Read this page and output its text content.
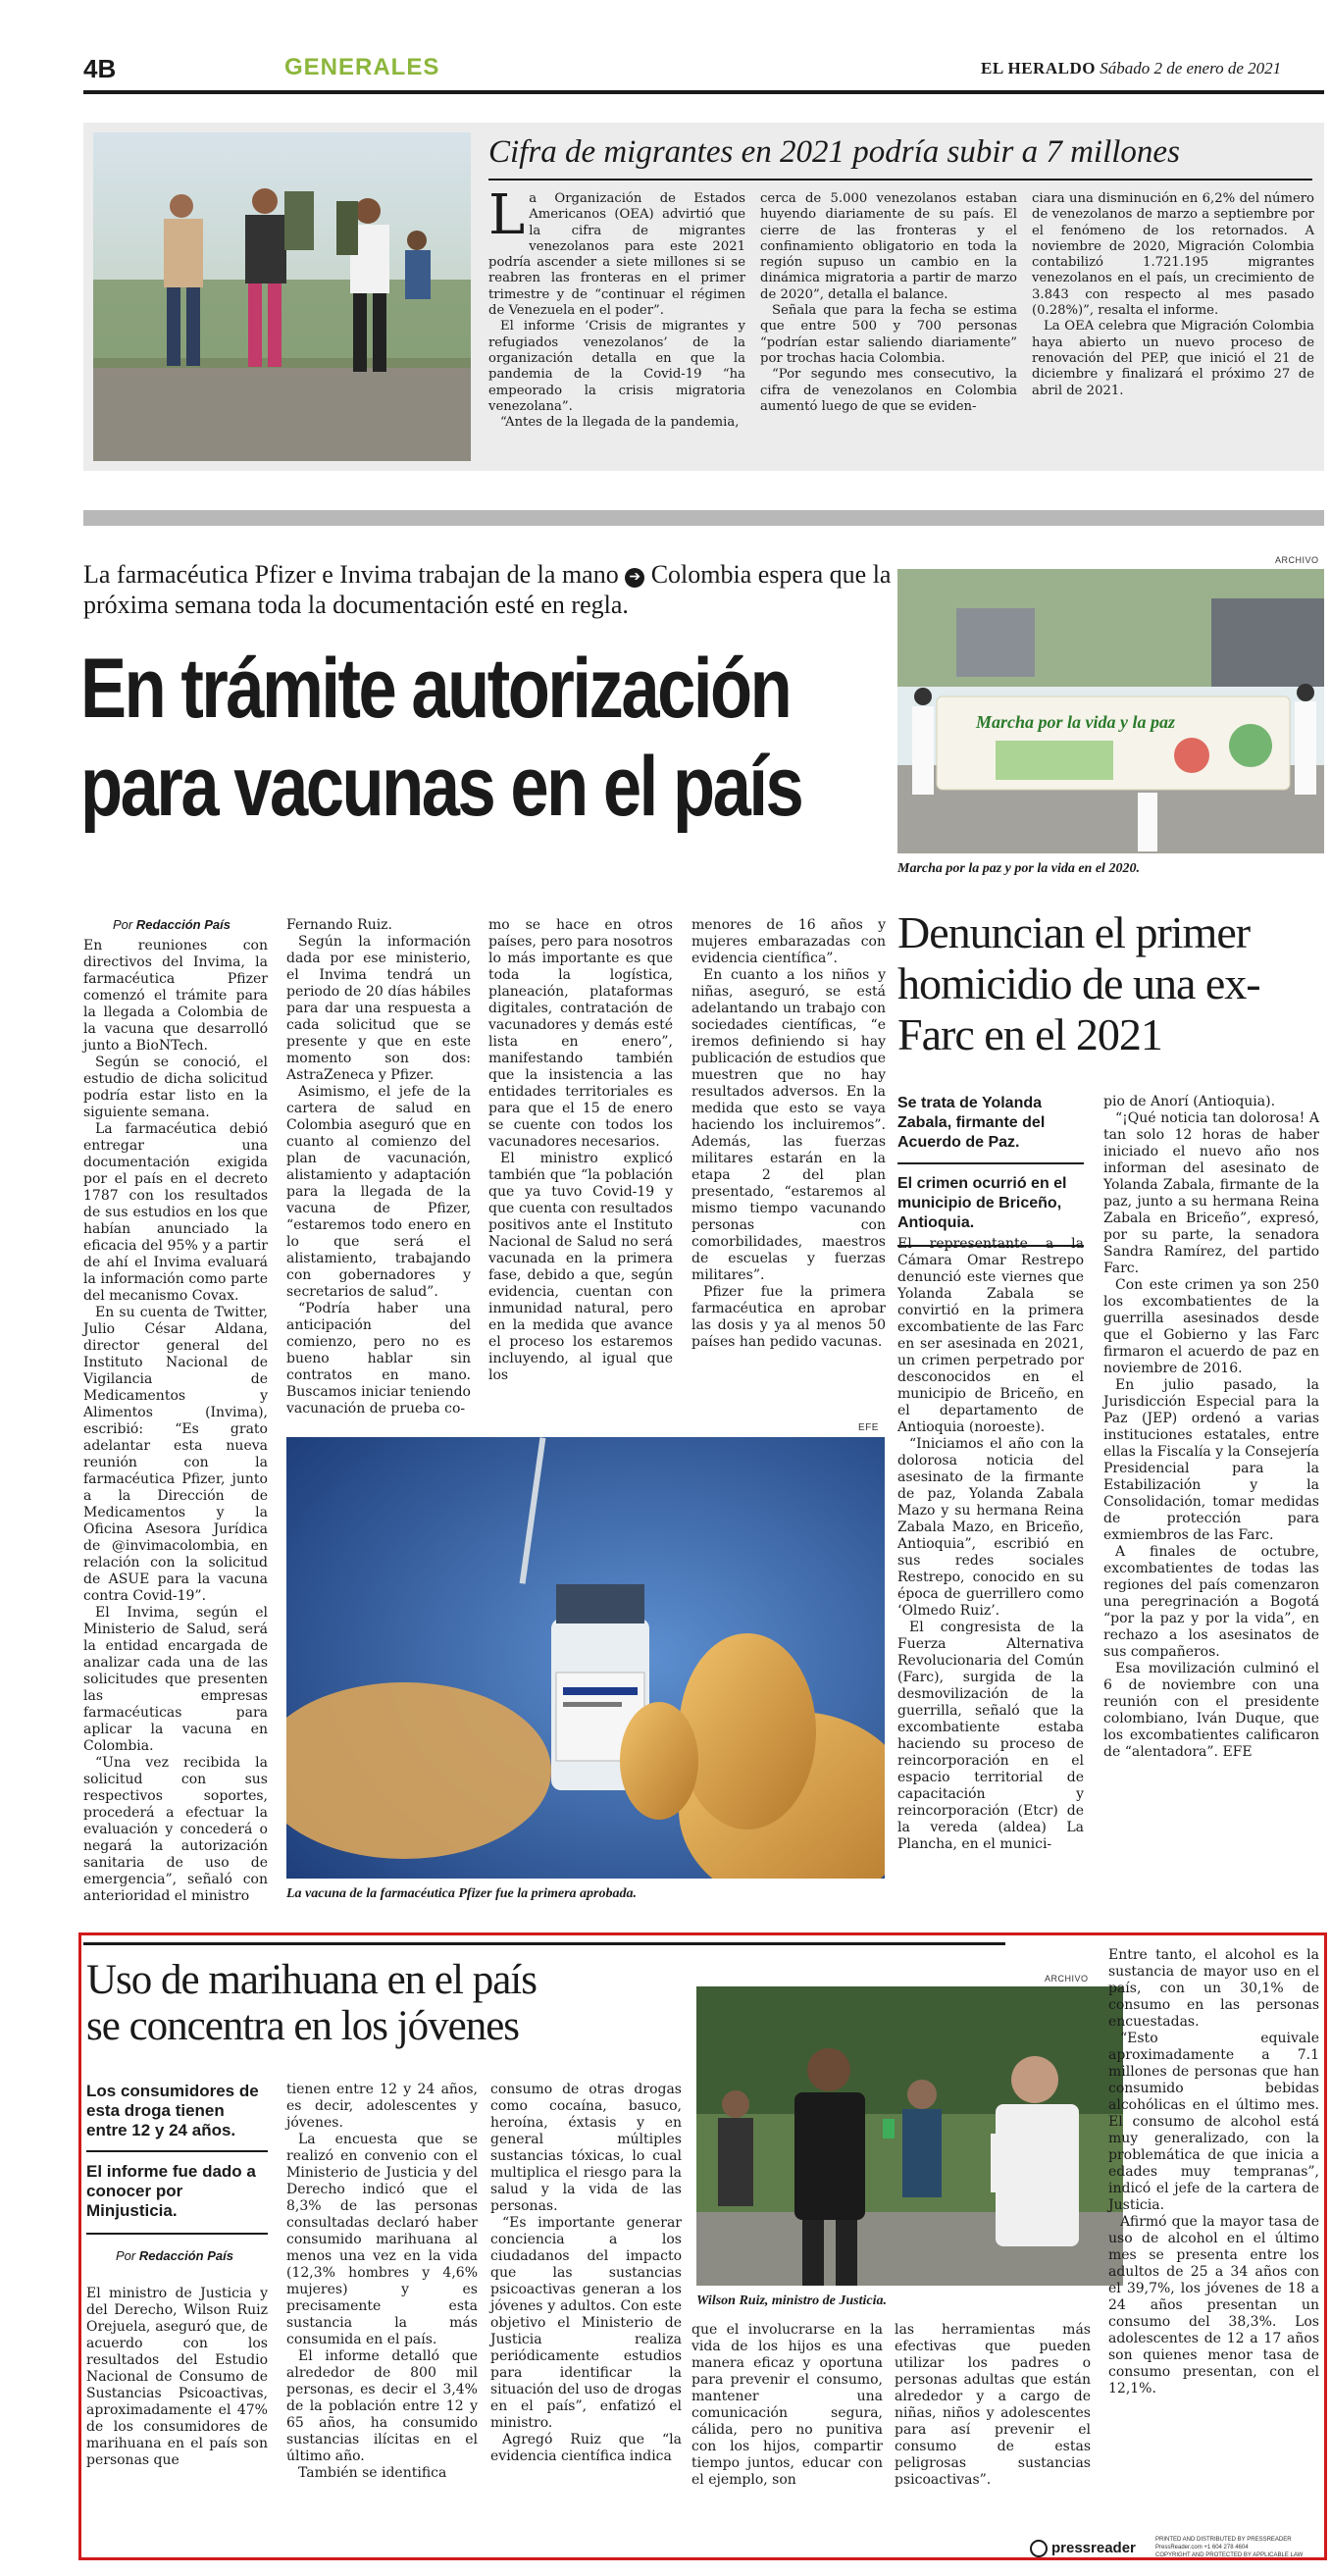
4B	GENERALES	EL HERALDO Sábado 2 de enero de 2021
Cifra de migrantes en 2021 podría subir a 7 millones

La Organización de Estados Americanos (OEA) advirtió que la cifra de migrantes venezolanos para este 2021 podría ascender a siete millones si se reabren las fronteras en el primer trimestre y de “continuar el régimen de Venezuela en el poder”.

El informe ‘Crisis de migrantes y refugiados venezolanos’ de la organización detalla en que la pandemia de la Covid-19 “ha empeorado la crisis migratoria venezolana”.

“Antes de la llegada de la pandemia,

cerca de 5.000 venezolanos estaban huyendo diariamente de su país. El cierre de las fronteras y el confinamiento obligatorio en toda la región supuso un cambio en la dinámica migratoria a partir de marzo de 2020”, detalla el balance.

Señala que para la fecha se estima que entre 500 y 700 personas “podrían estar saliendo diariamente” por trochas hacia Colombia.

“Por segundo mes consecutivo, la cifra de venezolanos en Colombia aumentó luego de que se eviden-

ciara una disminución en 6,2% del número de venezolanos de marzo a septiembre por el fenómeno de los retornados. A noviembre de 2020, Migración Colombia contabilizó 1.721.195 migrantes venezolanos en el país, un crecimiento de 3.843 con respecto al mes pasado (0.28%)”, resalta el informe.

La OEA celebra que Migración Colombia haya abierto un nuevo proceso de renovación del PEP, que inició el 21 de diciembre y finalizará el próximo 27 de abril de 2021.

La farmacéutica Pfizer e Invima trabajan de la mano ➔ Colombia espera que la próxima semana toda la documentación esté en regla.
En trámite autorización
para vacunas en el país
Por Redacción País

En reuniones con directivos del Invima, la farmacéutica Pfizer comenzó el trámite para la llegada a Colombia de la vacuna que desarrolló junto a BioNTech.

Según se conoció, el estudio de dicha solicitud podría estar listo en la siguiente semana.

La farmacéutica debió entregar una documentación exigida por el país en el decreto 1787 con los resultados de sus estudios en los que habían anunciado la eficacia del 95% y a partir de ahí el Invima evaluará la información como parte del mecanismo Covax.

En su cuenta de Twitter, Julio César Aldana, director general del Instituto Nacional de Vigilancia de Medicamentos y Alimentos (Invima), escribió: “Es grato adelantar esta nueva reunión con la farmacéutica Pfizer, junto a la Dirección de Medicamentos y la Oficina Asesora Jurídica de @invimacolombia, en relación con la solicitud de ASUE para la vacuna contra Covid-19”.

El Invima, según el Ministerio de Salud, será la entidad encargada de analizar cada una de las solicitudes que presenten las empresas farmacéuticas para aplicar la vacuna en Colombia.

“Una vez recibida la solicitud con sus respectivos soportes, procederá a efectuar la evaluación y concederá o negará la autorización sanitaria de uso de emergencia”, señaló con anterioridad el ministro

Fernando Ruiz.

Según la información dada por ese ministerio, el Invima tendrá un periodo de 20 días hábiles para dar una respuesta a cada solicitud que se presente y que en este momento son dos: AstraZeneca y Pfizer.

Asimismo, el jefe de la cartera de salud en Colombia aseguró que en cuanto al comienzo del plan de vacunación, alistamiento y adaptación para la llegada de la vacuna de Pfizer, “estaremos todo enero en lo que será el alistamiento, trabajando con gobernadores y secretarios de salud”.

“Podría haber una anticipación del comienzo, pero no es bueno hablar sin contratos en mano. Buscamos iniciar teniendo vacunación de prueba co-

mo se hace en otros países, pero para nosotros lo más importante es que toda la logística, planeación, plataformas digitales, contratación de vacunadores y demás esté lista en enero”, manifestando también que la insistencia a las entidades territoriales es para que el 15 de enero se cuente con todos los vacunadores necesarios.

El ministro explicó también que “la población que ya tuvo Covid-19 y que cuenta con resultados positivos ante el Instituto Nacional de Salud no será vacunada en la primera fase, debido a que, según evidencia, cuentan con inmunidad natural, pero en la medida que avance el proceso los estaremos incluyendo, al igual que los

menores de 16 años y mujeres embarazadas con evidencia científica”.

En cuanto a los niños y niñas, aseguró, se está adelantando un trabajo con sociedades científicas, “e iremos definiendo si hay publicación de estudios que muestren que no hay resultados adversos. En la medida que esto se vaya haciendo los incluiremos”. Además, las fuerzas militares estarán en la etapa 2 del plan presentado, “estaremos al mismo tiempo vacunando personas con comorbilidades, maestros de escuelas y fuerzas militares”.

Pfizer fue la primera farmacéutica en aprobar las dosis y ya al menos 50 países han pedido vacunas.

EFE
La vacuna de la farmacéutica Pfizer fue la primera aprobada.
ARCHIVO
Marcha por la vida y la paz
Marcha por la paz y por la vida en el 2020.
Denuncian el primer homicidio de una ex-Farc en el 2021
Se trata de Yolanda Zabala, firmante del Acuerdo de Paz.
El crimen ocurrió en el municipio de Briceño, Antioquia.

El representante a la Cámara Omar Restrepo denunció este viernes que Yolanda Zabala se convirtió en la primera excombatiente de las Farc en ser asesinada en 2021, un crimen perpetrado por desconocidos en el municipio de Briceño, en el departamento de Antioquia (noroeste).

“Iniciamos el año con la dolorosa noticia del asesinato de la firmante de paz, Yolanda Zabala Mazo y su hermana Reina Zabala Mazo, en Briceño, Antioquia”, escribió en sus redes sociales Restrepo, conocido en su época de guerrillero como ‘Olmedo Ruiz’.

El congresista de la Fuerza Alternativa Revolucionaria del Común (Farc), surgida de la desmovilización de la guerrilla, señaló que la excombatiente estaba haciendo su proceso de reincorporación en el espacio territorial de capacitación y reincorporación (Etcr) de la vereda (aldea) La Plancha, en el munici-

pio de Anorí (Antioquia).

“¡Qué noticia tan dolorosa! A tan solo 12 horas de haber iniciado el nuevo año nos informan del asesinato de Yolanda Zabala, firmante de la paz, junto a su hermana Reina Zabala en Briceño”, expresó, por su parte, la senadora Sandra Ramírez, del partido Farc.

Con este crimen ya son 250 los excombatientes de la guerrilla asesinados desde que el Gobierno y las Farc firmaron el acuerdo de paz en noviembre de 2016.

En julio pasado, la Jurisdicción Especial para la Paz (JEP) ordenó a varias instituciones estatales, entre ellas la Fiscalía y la Consejería Presidencial para la Estabilización y la Consolidación, tomar medidas de protección para exmiembros de las Farc.

A finales de octubre, excombatientes de todas las regiones del país comenzaron una peregrinación a Bogotá “por la paz y por la vida”, en rechazo a los asesinatos de sus compañeros.

Esa movilización culminó el 6 de noviembre con una reunión con el presidente colombiano, Iván Duque, que los excombatientes calificaron de “alentadora”. EFE

Uso de marihuana en el país
se concentra en los jóvenes
Los consumidores de esta droga tienen entre 12 y 24 años.
El informe fue dado a conocer por Minjusticia.
Por Redacción País

El ministro de Justicia y del Derecho, Wilson Ruiz Orejuela, aseguró que, de acuerdo con los resultados del Estudio Nacional de Consumo de Sustancias Psicoactivas, aproximadamente el 47% de los consumidores de marihuana en el país son personas que

tienen entre 12 y 24 años, es decir, adolescentes y jóvenes.

La encuesta que se realizó en convenio con el Ministerio de Justicia y del Derecho indicó que el 8,3% de las personas consultadas declaró haber consumido marihuana al menos una vez en la vida (12,3% hombres y 4,6% mujeres) y es precisamente esta sustancia la más consumida en el país.

El informe detalló que alrededor de 800 mil personas, es decir el 3,4% de la población entre 12 y 65 años, ha consumido sustancias ilícitas en el último año.

También se identifica

consumo de otras drogas como cocaína, basuco, heroína, éxtasis y en general múltiples sustancias tóxicas, lo cual multiplica el riesgo para la salud y la vida de las personas.

“Es importante generar conciencia a los ciudadanos del impacto que las sustancias psicoactivas generan a los jóvenes y adultos. Con este objetivo el Ministerio de Justicia realiza periódicamente estudios para identificar la situación del uso de drogas en el país”, enfatizó el ministro.

Agregó Ruiz que “la evidencia científica indica

ARCHIVO
Wilson Ruiz, ministro de Justicia.

que el involucrarse en la vida de los hijos es una manera eficaz y oportuna para prevenir el consumo, mantener una comunicación segura, cálida, pero no punitiva con los hijos, compartir tiempo juntos, educar con el ejemplo, son

las herramientas más efectivas que pueden utilizar los padres o personas adultas que están alrededor y a cargo de niñas, niños y adolescentes para así prevenir el consumo de estas peligrosas sustancias psicoactivas”.

Entre tanto, el alcohol es la sustancia de mayor uso en el país, con un 30,1% de consumo en las personas encuestadas.

“Esto equivale aproximadamente a 7.1 millones de personas que han consumido bebidas alcohólicas en el último mes. El consumo de alcohol está muy generalizado, con la problemática de que inicia a edades muy tempranas”, indicó el jefe de la cartera de Justicia.

Afirmó que la mayor tasa de uso de alcohol en el último mes se presenta entre los adultos de 25 a 34 años con el 39,7%, los jóvenes de 18 a 24 años presentan un consumo del 38,3%. Los adolescentes de 12 a 17 años son quienes menor tasa de consumo presentan, con el 12,1%.

pressreader	PRINTED AND DISTRIBUTED BY PRESSREADER
PressReader.com +1 604 278 4604
COPYRIGHT AND PROTECTED BY APPLICABLE LAW
